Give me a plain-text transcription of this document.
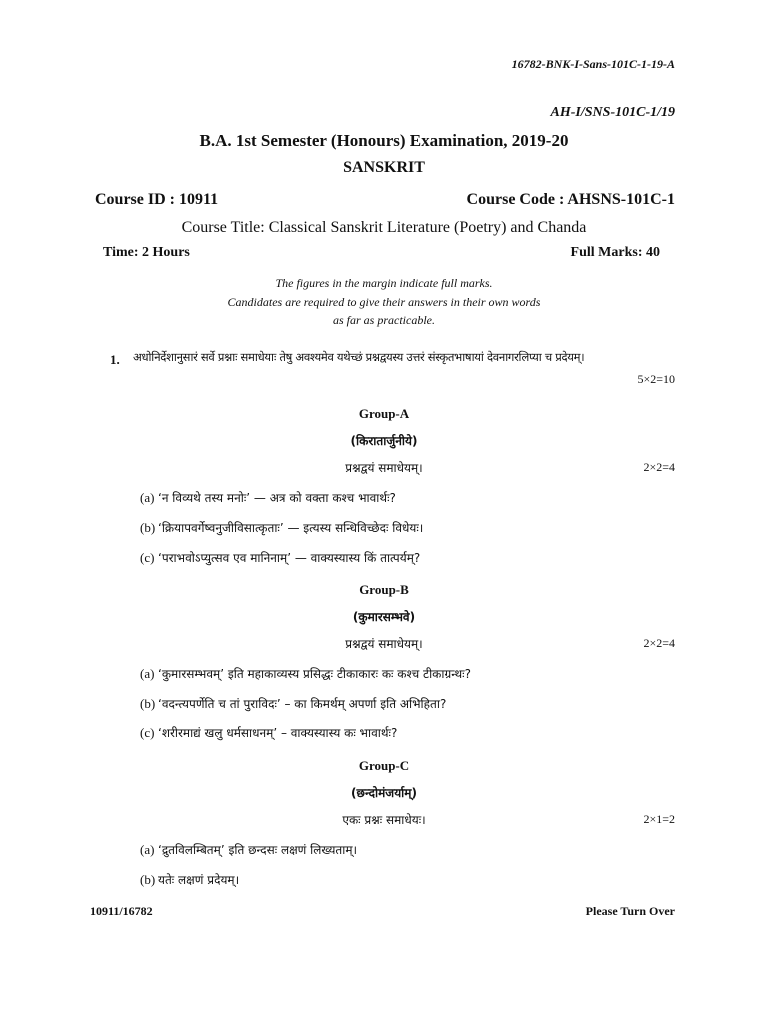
16782-BNK-I-Sans-101C-1-19-A
AH-I/SNS-101C-1/19
B.A. 1st Semester (Honours) Examination, 2019-20
SANSKRIT
Course ID : 10911	Course Code : AHSNS-101C-1
Course Title: Classical Sanskrit Literature (Poetry) and Chanda
Time: 2 Hours	Full Marks: 40
The figures in the margin indicate full marks.
Candidates are required to give their answers in their own words
as far as practicable.
1. अधोनिर्देशानुसारं सर्वे प्रश्नाः समाधेयाः तेषु अवश्यमेव यथेच्छं प्रश्नद्वयस्य उत्तरं संस्कृतभाषायां देवनागरलिप्या च प्रदेयम्।
5×2=10
Group-A
(किरातार्जुनीये)
प्रश्नद्वयं समाधेयम्।	2×2=4
(a) ‘न विव्यथे तस्य मनोः’ — अत्र को वक्ता कश्च भावार्थः?
(b) ‘क्रियापवर्गेष्वनुजीविसात्कृताः’ — इत्यस्य सन्धिविच्छेदः विधेयः।
(c) ‘पराभवोऽप्युत्सव एव मानिनाम्’ — वाक्यस्यास्य किं तात्पर्यम्?
Group-B
(कुमारसम्भवे)
प्रश्नद्वयं समाधेयम्।	2×2=4
(a) ‘कुमारसम्भवम्’ इति महाकाव्यस्य प्रसिद्धः टीकाकारः कः कश्च टीकाग्रन्थः?
(b) ‘वदन्त्यपर्णेति च तां पुराविदः’ – का किमर्थम् अपर्णा इति अभिहिता?
(c) ‘शरीरमाद्यं खलु धर्मसाधनम्’ – वाक्यस्यास्य कः भावार्थः?
Group-C
(छन्दोमंजर्याम्)
एकः प्रश्नः समाधेयः।	2×1=2
(a) ‘द्रुतविलम्बितम्’ इति छन्दसः लक्षणं लिख्यताम्।
(b) यतेः लक्षणं प्रदेयम्।
10911/16782	Please Turn Over
